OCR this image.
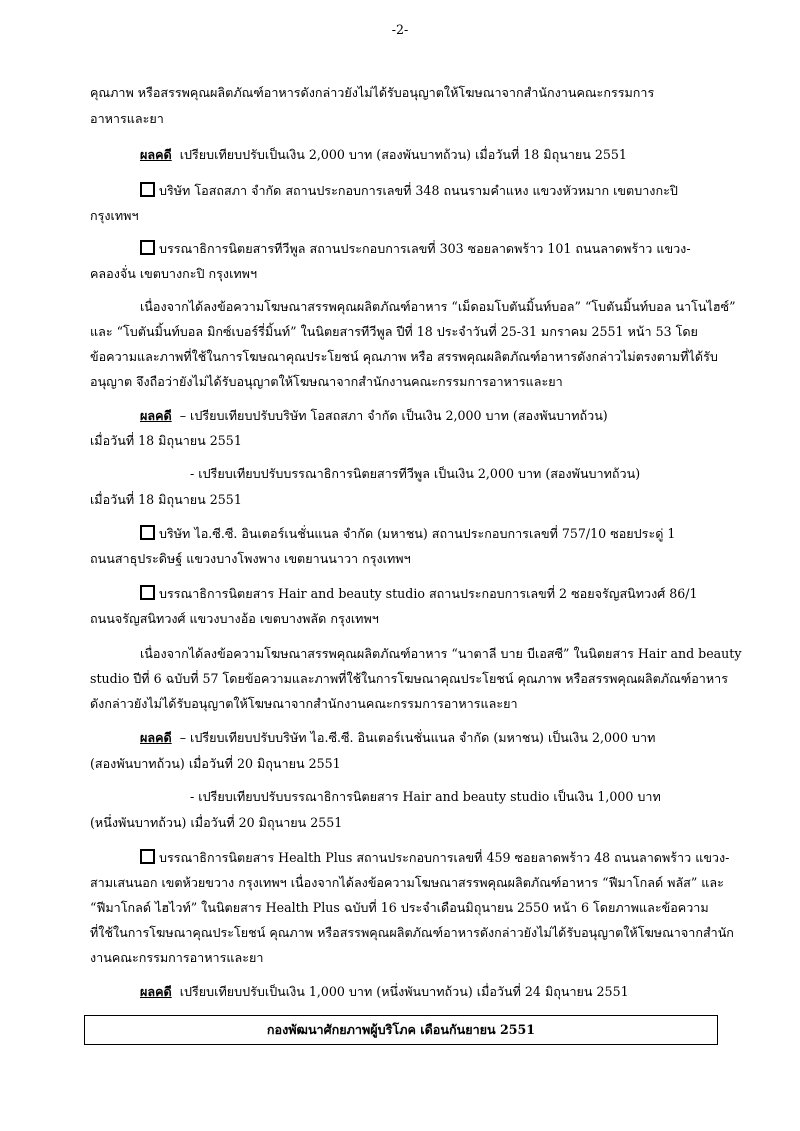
-2-
คุณภาพ หรือสรรพคุณผลิตภัณฑ์อาหารดังกล่าวยังไม่ได้รับอนุญาตให้โฆษณาจากสำนักงานคณะกรรมการ
อาหารและยา
ผลคดี เปรียบเทียบปรับเป็นเงิน 2,000 บาท (สองพันบาทถ้วน) เมื่อวันที่ 18 มิถุนายน 2551
บริษัท โอสถสภา จำกัด สถานประกอบการเลขที่ 348 ถนนรามคำแหง แขวงหัวหมาก เขตบางกะปิ
กรุงเทพฯ
บรรณาธิการนิตยสารทีวีพูล สถานประกอบการเลขที่ 303 ซอยลาดพร้าว 101 ถนนลาดพร้าว แขวง-
คลองจั่น เขตบางกะปิ กรุงเทพฯ
เนื่องจากได้ลงข้อความโฆษณาสรรพคุณผลิตภัณฑ์อาหาร “เม็ดอมโบตันมิ้นท์บอล” “โบตันมิ้นท์บอล นาโนไฮซ์”
และ “โบตันมิ้นท์บอล มิกซ์เบอร์รี่มิ้นท์” ในนิตยสารทีวีพูล ปีที่ 18 ประจำวันที่ 25-31 มกราคม 2551 หน้า 53 โดย
ข้อความและภาพที่ใช้ในการโฆษณาคุณประโยชน์ คุณภาพ หรือ สรรพคุณผลิตภัณฑ์อาหารดังกล่าวไม่ตรงตามที่ได้รับ
อนุญาต จึงถือว่ายังไม่ได้รับอนุญาตให้โฆษณาจากสำนักงานคณะกรรมการอาหารและยา
ผลคดี – เปรียบเทียบปรับบริษัท โอสถสภา จำกัด เป็นเงิน 2,000 บาท (สองพันบาทถ้วน)
เมื่อวันที่ 18 มิถุนายน 2551
- เปรียบเทียบปรับบรรณาธิการนิตยสารทีวีพูล เป็นเงิน 2,000 บาท (สองพันบาทถ้วน)
เมื่อวันที่ 18 มิถุนายน 2551
บริษัท ไอ.ซี.ซี. อินเตอร์เนชั่นแนล จำกัด (มหาชน) สถานประกอบการเลขที่ 757/10 ซอยประดู่ 1
ถนนสาธุประดิษฐ์ แขวงบางโพงพาง เขตยานนาวา กรุงเทพฯ
บรรณาธิการนิตยสาร Hair and beauty studio สถานประกอบการเลขที่ 2 ซอยจรัญสนิทวงศ์ 86/1
ถนนจรัญสนิทวงศ์ แขวงบางอ้อ เขตบางพลัด กรุงเทพฯ
เนื่องจากได้ลงข้อความโฆษณาสรรพคุณผลิตภัณฑ์อาหาร “นาตาลี บาย บีเอสซี” ในนิตยสาร Hair and beauty
studio ปีที่ 6 ฉบับที่ 57 โดยข้อความและภาพที่ใช้ในการโฆษณาคุณประโยชน์ คุณภาพ หรือสรรพคุณผลิตภัณฑ์อาหาร
ดังกล่าวยังไม่ได้รับอนุญาตให้โฆษณาจากสำนักงานคณะกรรมการอาหารและยา
ผลคดี – เปรียบเทียบปรับบริษัท ไอ.ซี.ซี. อินเตอร์เนชั่นแนล จำกัด (มหาชน) เป็นเงิน 2,000 บาท
(สองพันบาทถ้วน) เมื่อวันที่ 20 มิถุนายน 2551
- เปรียบเทียบปรับบรรณาธิการนิตยสาร Hair and beauty studio เป็นเงิน 1,000 บาท
(หนึ่งพันบาทถ้วน) เมื่อวันที่ 20 มิถุนายน 2551
บรรณาธิการนิตยสาร Health Plus สถานประกอบการเลขที่ 459 ซอยลาดพร้าว 48 ถนนลาดพร้าว แขวง-
สามเสนนอก เขตห้วยขวาง กรุงเทพฯ เนื่องจากได้ลงข้อความโฆษณาสรรพคุณผลิตภัณฑ์อาหาร “ฟีมาโกลด์ พลัส” และ
“ฟีมาโกลด์ ไฮไวท์” ในนิตยสาร Health Plus ฉบับที่ 16 ประจำเดือนมิถุนายน 2550 หน้า 6 โดยภาพและข้อความ
ที่ใช้ในการโฆษณาคุณประโยชน์ คุณภาพ หรือสรรพคุณผลิตภัณฑ์อาหารดังกล่าวยังไม่ได้รับอนุญาตให้โฆษณาจากสำนัก
งานคณะกรรมการอาหารและยา
ผลคดี เปรียบเทียบปรับเป็นเงิน 1,000 บาท (หนึ่งพันบาทถ้วน) เมื่อวันที่ 24 มิถุนายน 2551
กองพัฒนาศักยภาพผู้บริโภค เดือนกันยายน 2551
